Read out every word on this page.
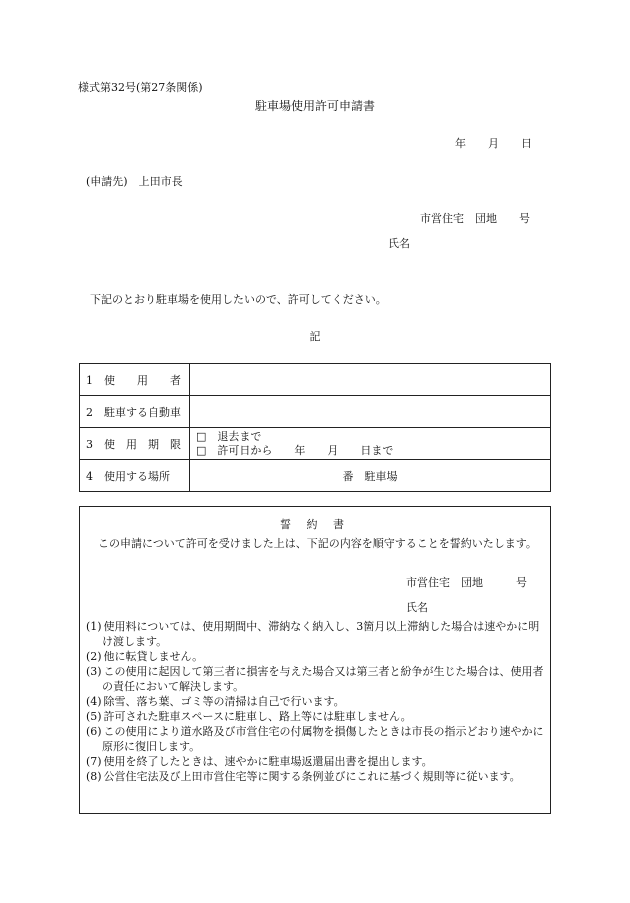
様式第32号(第27条関係)
駐車場使用許可申請書
年 月 日
(申請先)　上田市長
市営住宅　団地　　号
氏名
下記のとおり駐車場を使用したいので、許可してください。
記
1　使　　用　　者	
2　駐車する自動車	
3　使　用　期　限	□　退去まで
□　許可日から　　年　　月　　日まで

4　使用する場所	番　駐車場
誓 約 書
この申請について許可を受けました上は、下記の内容を順守することを誓約いたします。
市営住宅　団地　　　号
氏名
(1) 使用料については、使用期間中、滞納なく納入し、3箇月以上滞納した場合は速やかに明け渡します。
(2) 他に転貸しません。
(3) この使用に起因して第三者に損害を与えた場合又は第三者と紛争が生じた場合は、使用者の責任において解決します。
(4) 除雪、落ち葉、ゴミ等の清掃は自己で行います。
(5) 許可された駐車スペースに駐車し、路上等には駐車しません。
(6) この使用により道水路及び市営住宅の付属物を損傷したときは市長の指示どおり速やかに原形に復旧します。
(7) 使用を終了したときは、速やかに駐車場返還届出書を提出します。
(8) 公営住宅法及び上田市営住宅等に関する条例並びにこれに基づく規則等に従います。
